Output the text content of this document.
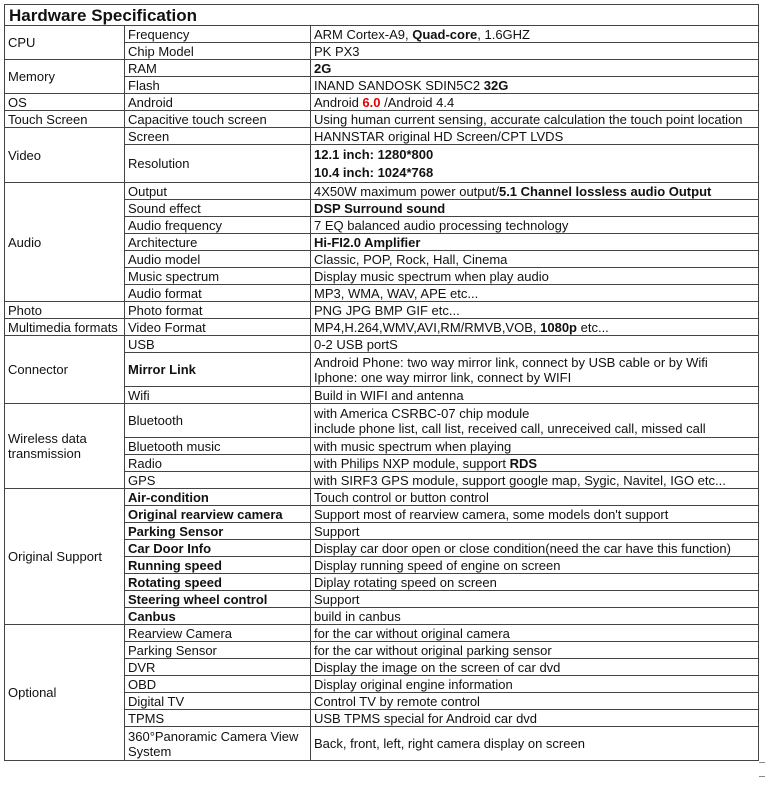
Hardware Specification		
CPU	Frequency	ARM Cortex-A9, Quad-core, 1.6GHZ
	Chip Model	PK PX3
Memory	RAM	2G
	Flash	INAND SANDOSK SDIN5C2 32G
OS	Android	Android 6.0 /Android 4.4
Touch Screen	Capacitive touch screen	Using human current sensing, accurate calculation the touch point location
Video	Screen	HANNSTAR original HD Screen/CPT LVDS
	Resolution	12.1 inch: 1280*800
10.4 inch: 1024*768
Audio	Output	4X50W maximum power output/5.1 Channel lossless audio Output
	Sound effect	DSP Surround sound
	Audio frequency	7 EQ balanced audio processing technology
	Architecture	Hi-FI2.0 Amplifier
	Audio model	Classic, POP, Rock, Hall, Cinema
	Music spectrum	Display music spectrum when play audio
	Audio format	MP3, WMA, WAV, APE etc...
Photo	Photo format	PNG JPG BMP GIF etc...
Multimedia formats	Video Format	MP4,H.264,WMV,AVI,RM/RMVB,VOB, 1080p etc...
Connector	USB	0-2 USB portS
	Mirror Link	Android Phone: two way mirror link, connect by USB cable or by Wifi
Iphone: one way mirror link, connect by WIFI
	Wifi	Build in WIFI and antenna
Wireless data transmission	Bluetooth	with America CSRBC-07 chip module
include phone list, call list, received call, unreceived call, missed call
	Bluetooth music	with music spectrum when playing
	Radio	with Philips NXP module, support RDS
	GPS	with SIRF3 GPS module, support google map, Sygic, Navitel, IGO etc...
Original Support	Air-condition	Touch control or button control
	Original rearview camera	Support most of rearview camera, some models don't support
	Parking Sensor	Support
	Car Door Info	Display car door open or close condition(need the car have this function)
	Running speed	Display running speed of engine on screen
	Rotating speed	Diplay rotating speed on screen
	Steering wheel control	Support
	Canbus	build in canbus
Optional	Rearview Camera	for the car without original camera
	Parking Sensor	for the car without original parking sensor
	DVR	Display the image on the screen of car dvd
	OBD	Display original engine information
	Digital TV	Control TV by remote control
	TPMS	USB TPMS special for Android car dvd
	360°Panoramic Camera View System	Back, front, left, right camera display on screen
